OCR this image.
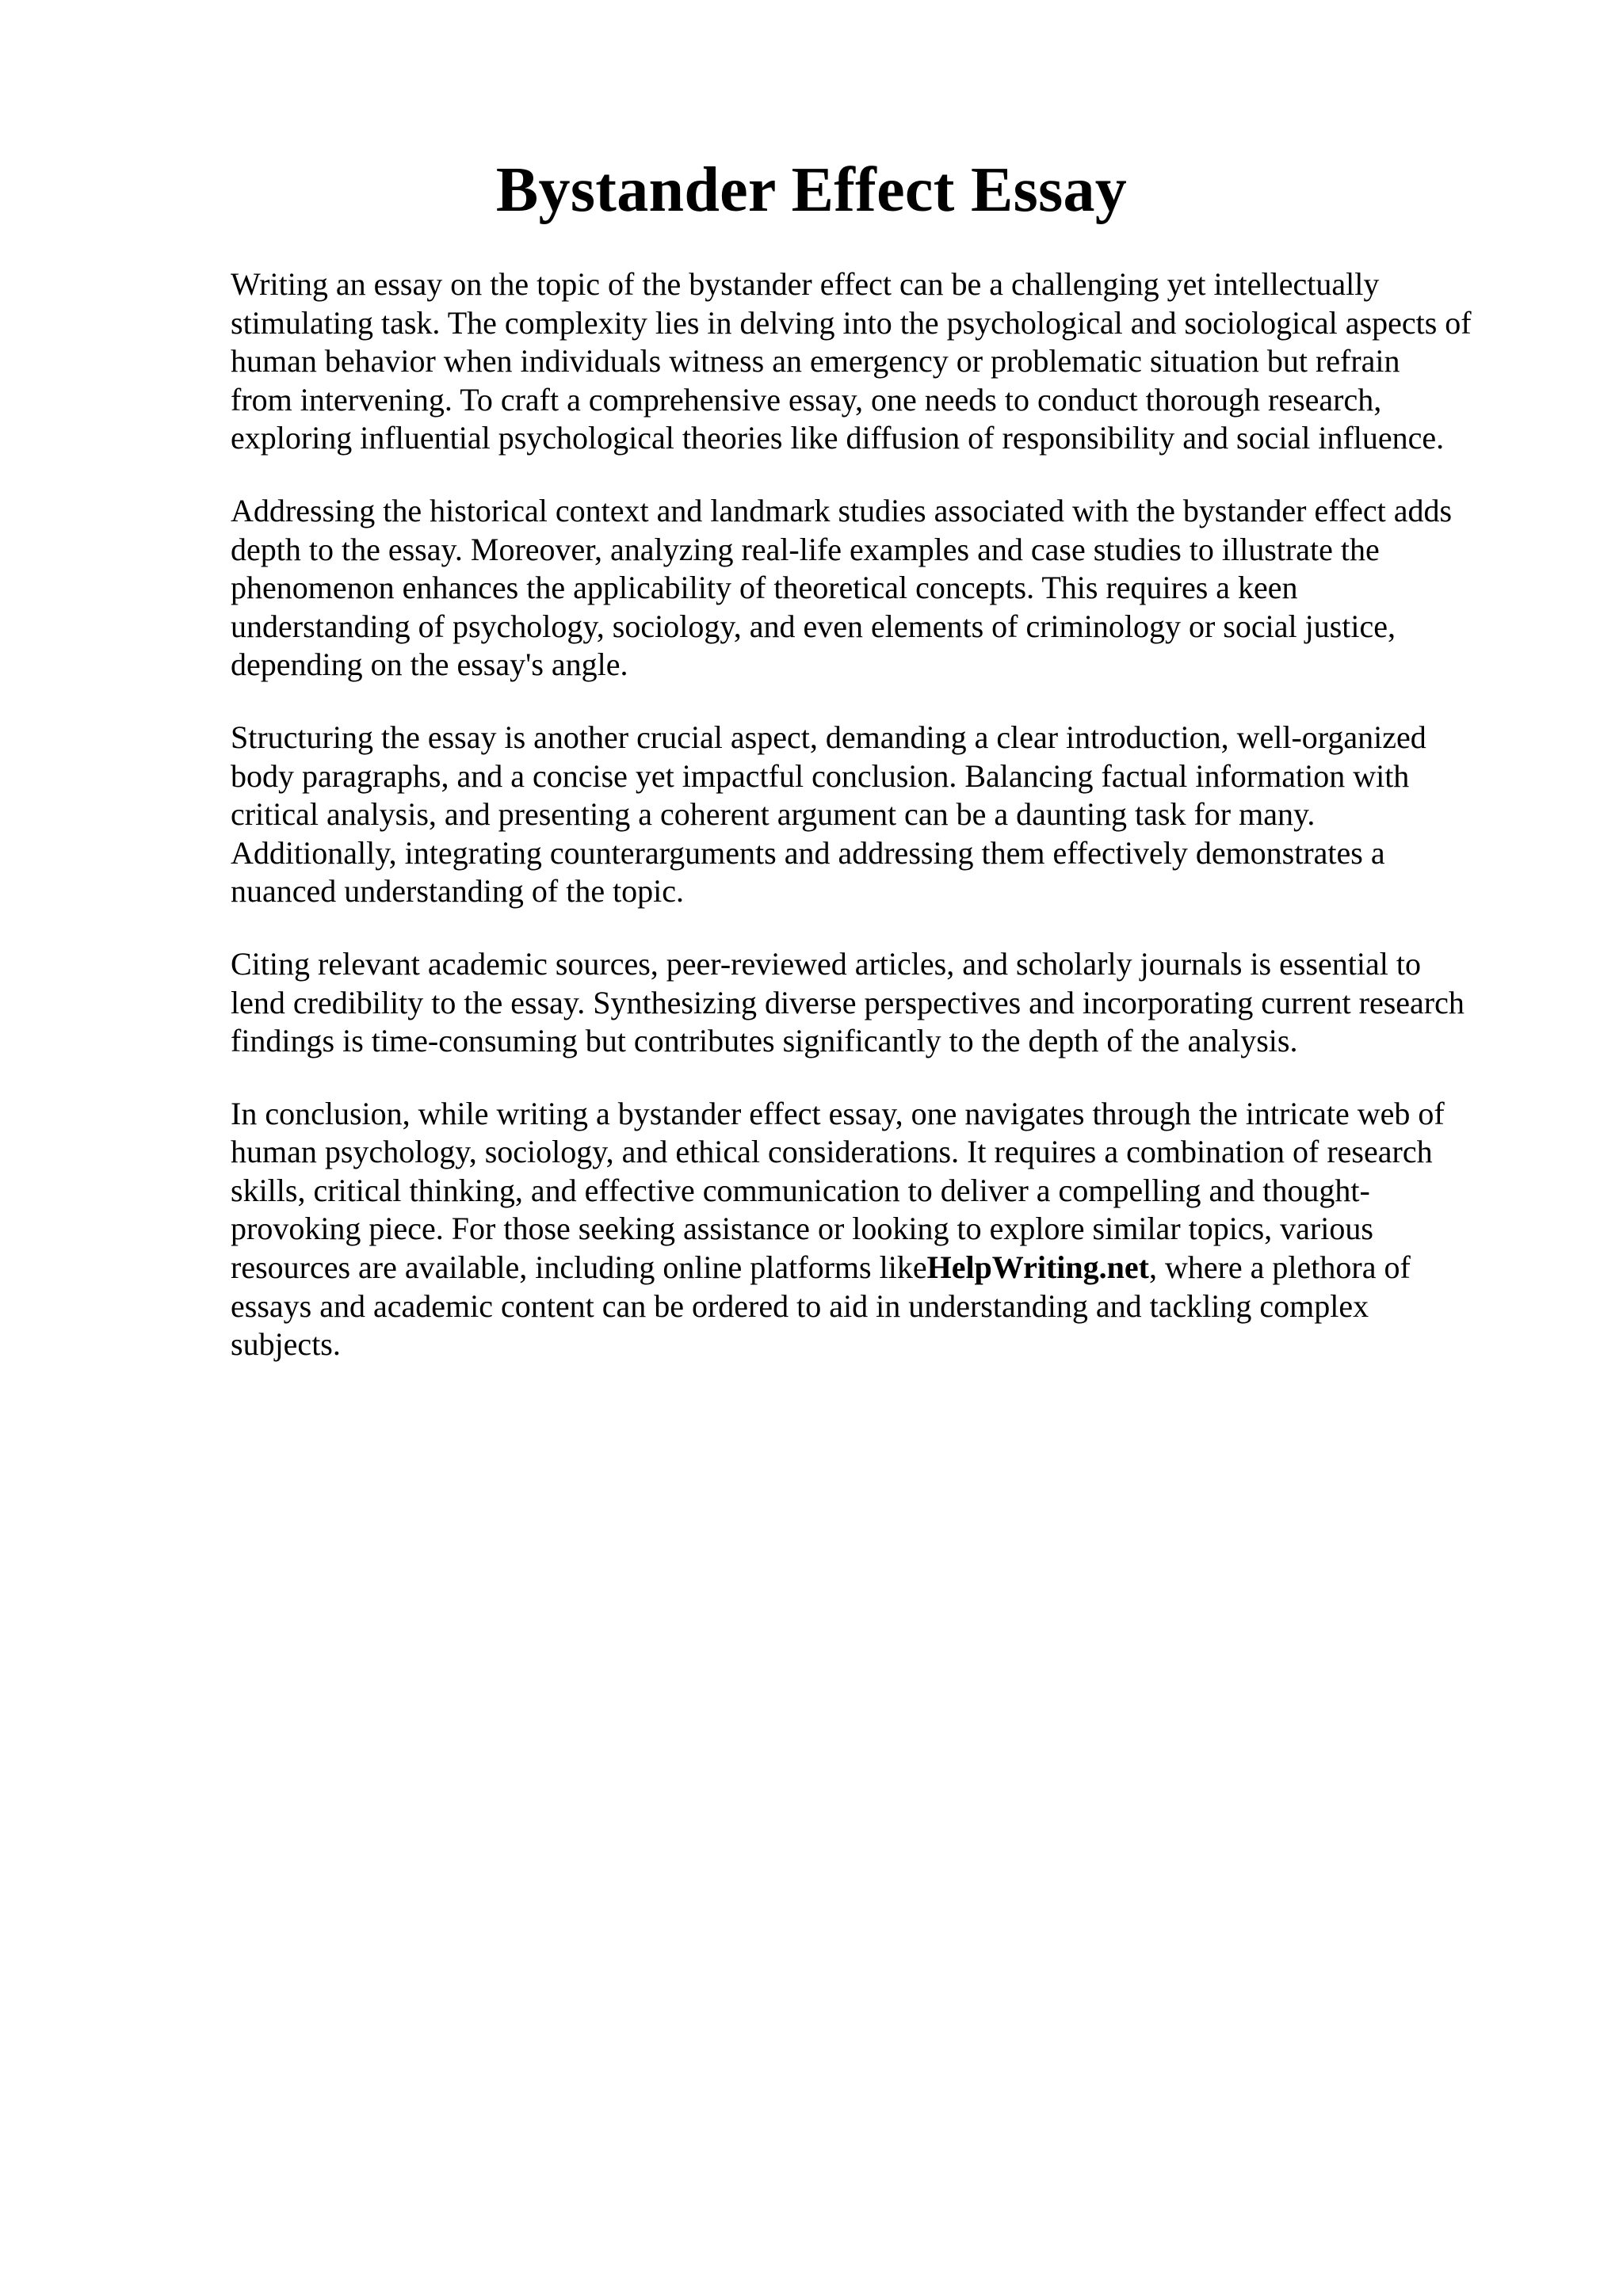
Bystander Effect Essay

Writing an essay on the topic of the bystander effect can be a challenging yet intellectually
stimulating task. The complexity lies in delving into the psychological and sociological aspects of
human behavior when individuals witness an emergency or problematic situation but refrain
from intervening. To craft a comprehensive essay, one needs to conduct thorough research,
exploring influential psychological theories like diffusion of responsibility and social influence.

Addressing the historical context and landmark studies associated with the bystander effect adds
depth to the essay. Moreover, analyzing real-life examples and case studies to illustrate the
phenomenon enhances the applicability of theoretical concepts. This requires a keen
understanding of psychology, sociology, and even elements of criminology or social justice,
depending on the essay's angle.

Structuring the essay is another crucial aspect, demanding a clear introduction, well-organized
body paragraphs, and a concise yet impactful conclusion. Balancing factual information with
critical analysis, and presenting a coherent argument can be a daunting task for many.
Additionally, integrating counterarguments and addressing them effectively demonstrates a
nuanced understanding of the topic.

Citing relevant academic sources, peer-reviewed articles, and scholarly journals is essential to
lend credibility to the essay. Synthesizing diverse perspectives and incorporating current research
findings is time-consuming but contributes significantly to the depth of the analysis.

In conclusion, while writing a bystander effect essay, one navigates through the intricate web of
human psychology, sociology, and ethical considerations. It requires a combination of research
skills, critical thinking, and effective communication to deliver a compelling and thought-
provoking piece. For those seeking assistance or looking to explore similar topics, various
resources are available, including online platforms likeHelpWriting.net, where a plethora of
essays and academic content can be ordered to aid in understanding and tackling complex
subjects.
